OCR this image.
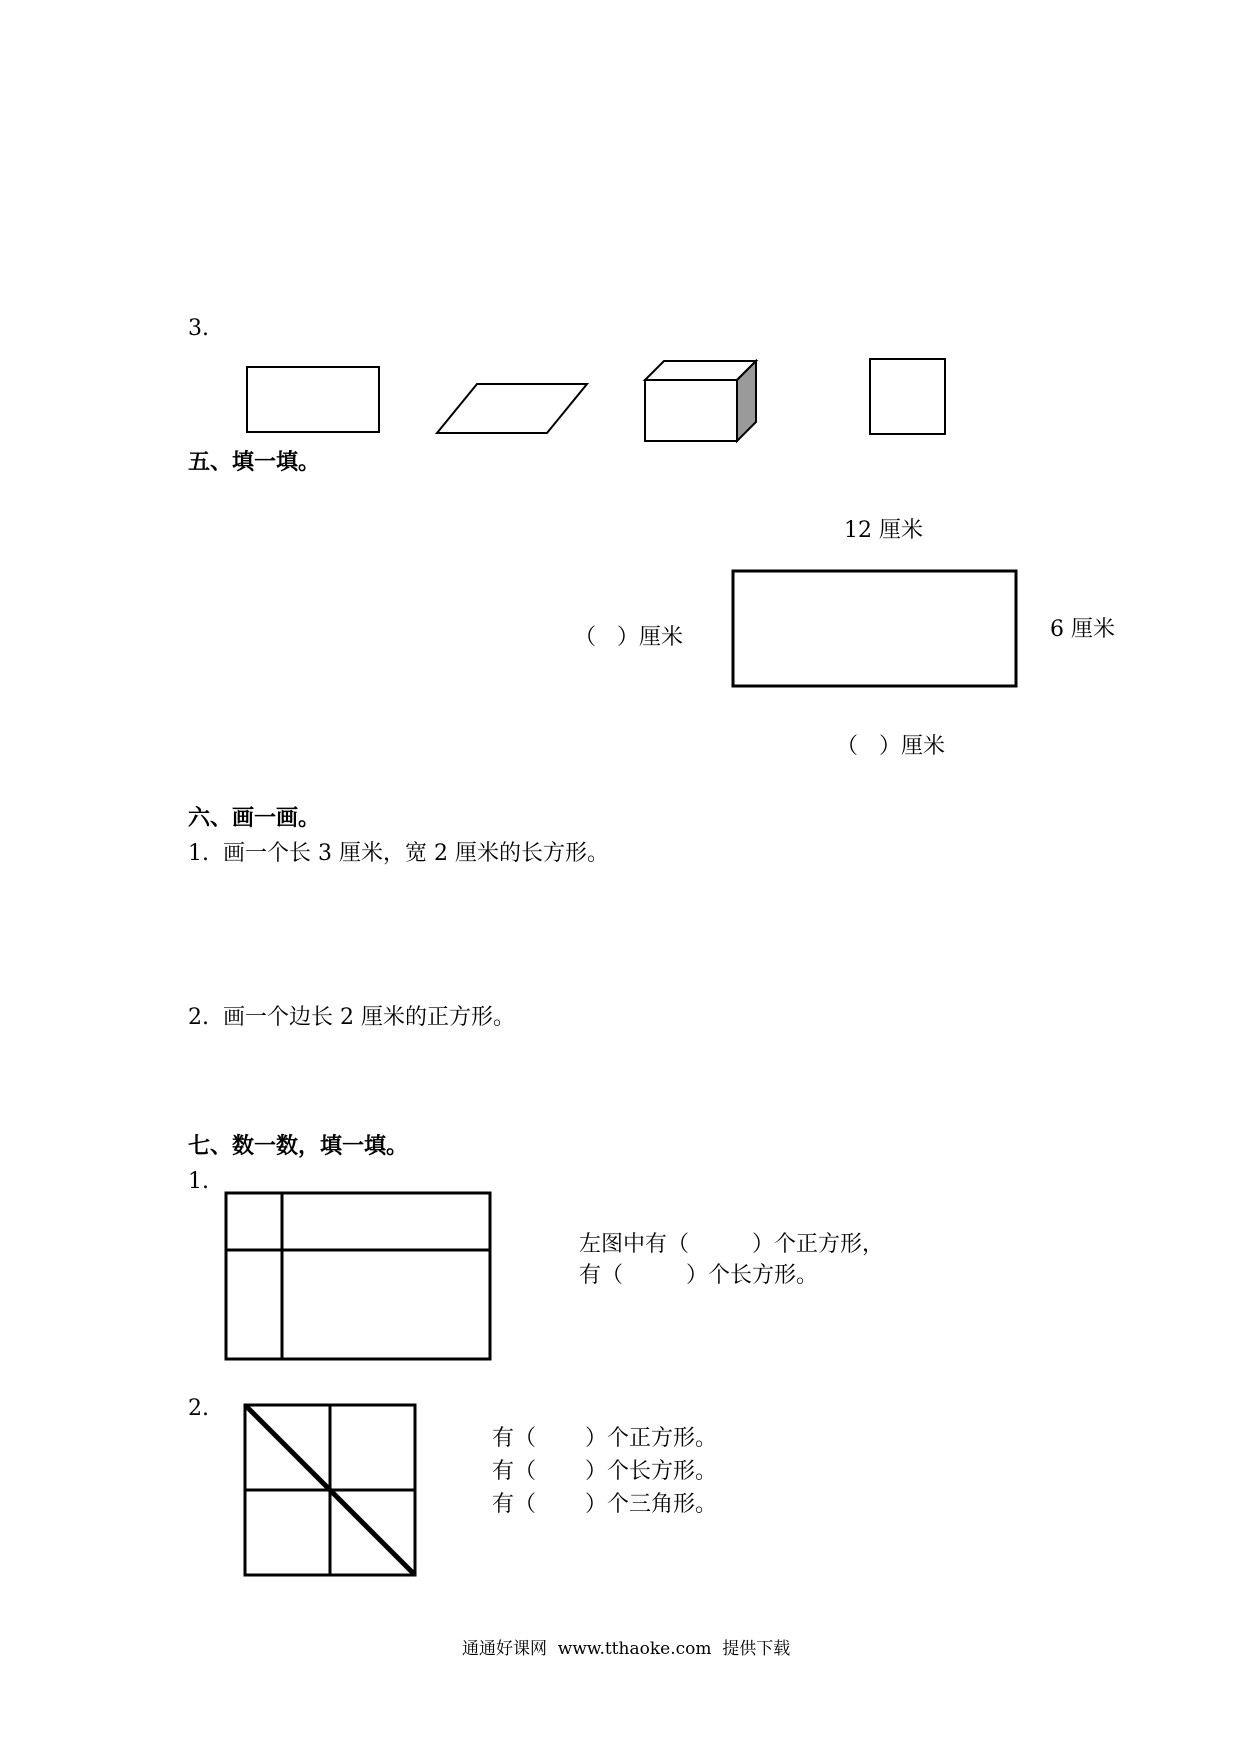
3.
五、填一填。
12 厘米
6 厘米
（   ）厘米
（   ）厘米
六、画一画。
1.  画一个长 3 厘米，宽 2 厘米的长方形。
2.  画一个边长 2 厘米的正方形。
七、数一数，填一填。
1.
左图中有（         ）个正方形，
有（         ）个长方形。
2.
有（       ）个正方形。
有（       ）个长方形。
有（       ）个三角形。
通通好课网  www.tthaoke.com  提供下载
